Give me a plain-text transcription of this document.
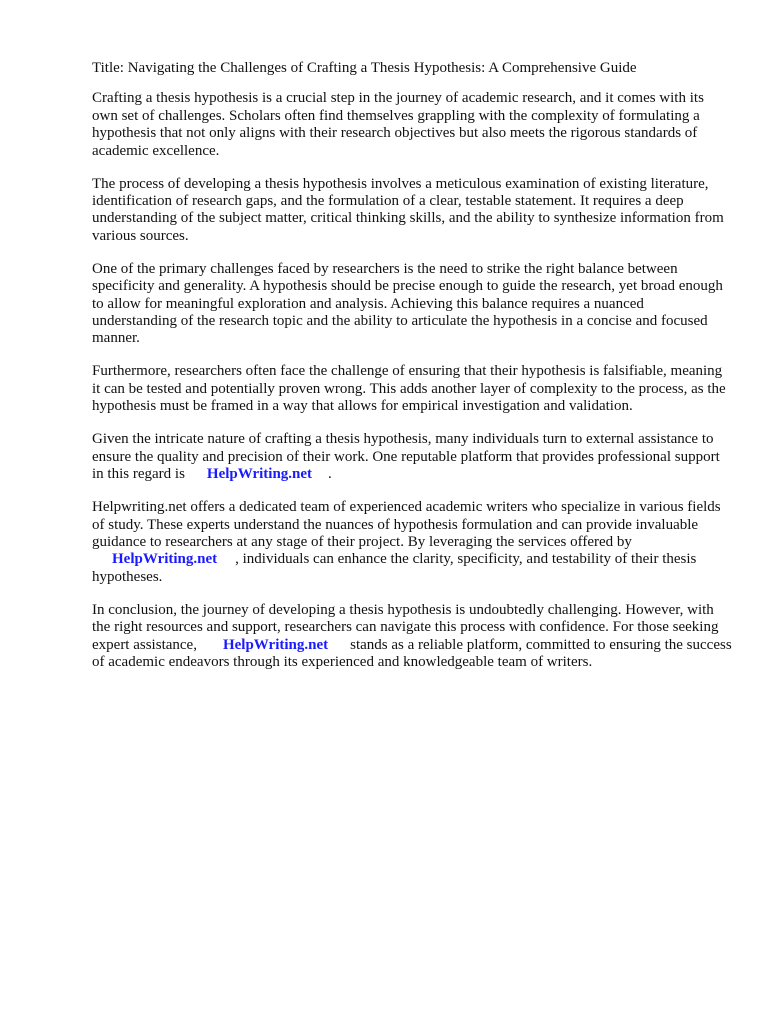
Title: Navigating the Challenges of Crafting a Thesis Hypothesis: A Comprehensive Guide

Crafting a thesis hypothesis is a crucial step in the journey of academic research, and it comes with its own set of challenges. Scholars often find themselves grappling with the complexity of formulating a hypothesis that not only aligns with their research objectives but also meets the rigorous standards of academic excellence.

The process of developing a thesis hypothesis involves a meticulous examination of existing literature, identification of research gaps, and the formulation of a clear, testable statement. It requires a deep understanding of the subject matter, critical thinking skills, and the ability to synthesize information from various sources.

One of the primary challenges faced by researchers is the need to strike the right balance between specificity and generality. A hypothesis should be precise enough to guide the research, yet broad enough to allow for meaningful exploration and analysis. Achieving this balance requires a nuanced understanding of the research topic and the ability to articulate the hypothesis in a concise and focused manner.

Furthermore, researchers often face the challenge of ensuring that their hypothesis is falsifiable, meaning it can be tested and potentially proven wrong. This adds another layer of complexity to the process, as the hypothesis must be framed in a way that allows for empirical investigation and validation.

Given the intricate nature of crafting a thesis hypothesis, many individuals turn to external assistance to ensure the quality and precision of their work. One reputable platform that provides professional support in this regard is HelpWriting.net .

Helpwriting.net offers a dedicated team of experienced academic writers who specialize in various fields of study. These experts understand the nuances of hypothesis formulation and can provide invaluable guidance to researchers at any stage of their project. By leveraging the services offered by
HelpWriting.net , individuals can enhance the clarity, specificity, and testability of their thesis hypotheses.

In conclusion, the journey of developing a thesis hypothesis is undoubtedly challenging. However, with the right resources and support, researchers can navigate this process with confidence. For those seeking expert assistance, HelpWriting.net stands as a reliable platform, committed to ensuring the success of academic endeavors through its experienced and knowledgeable team of writers.
